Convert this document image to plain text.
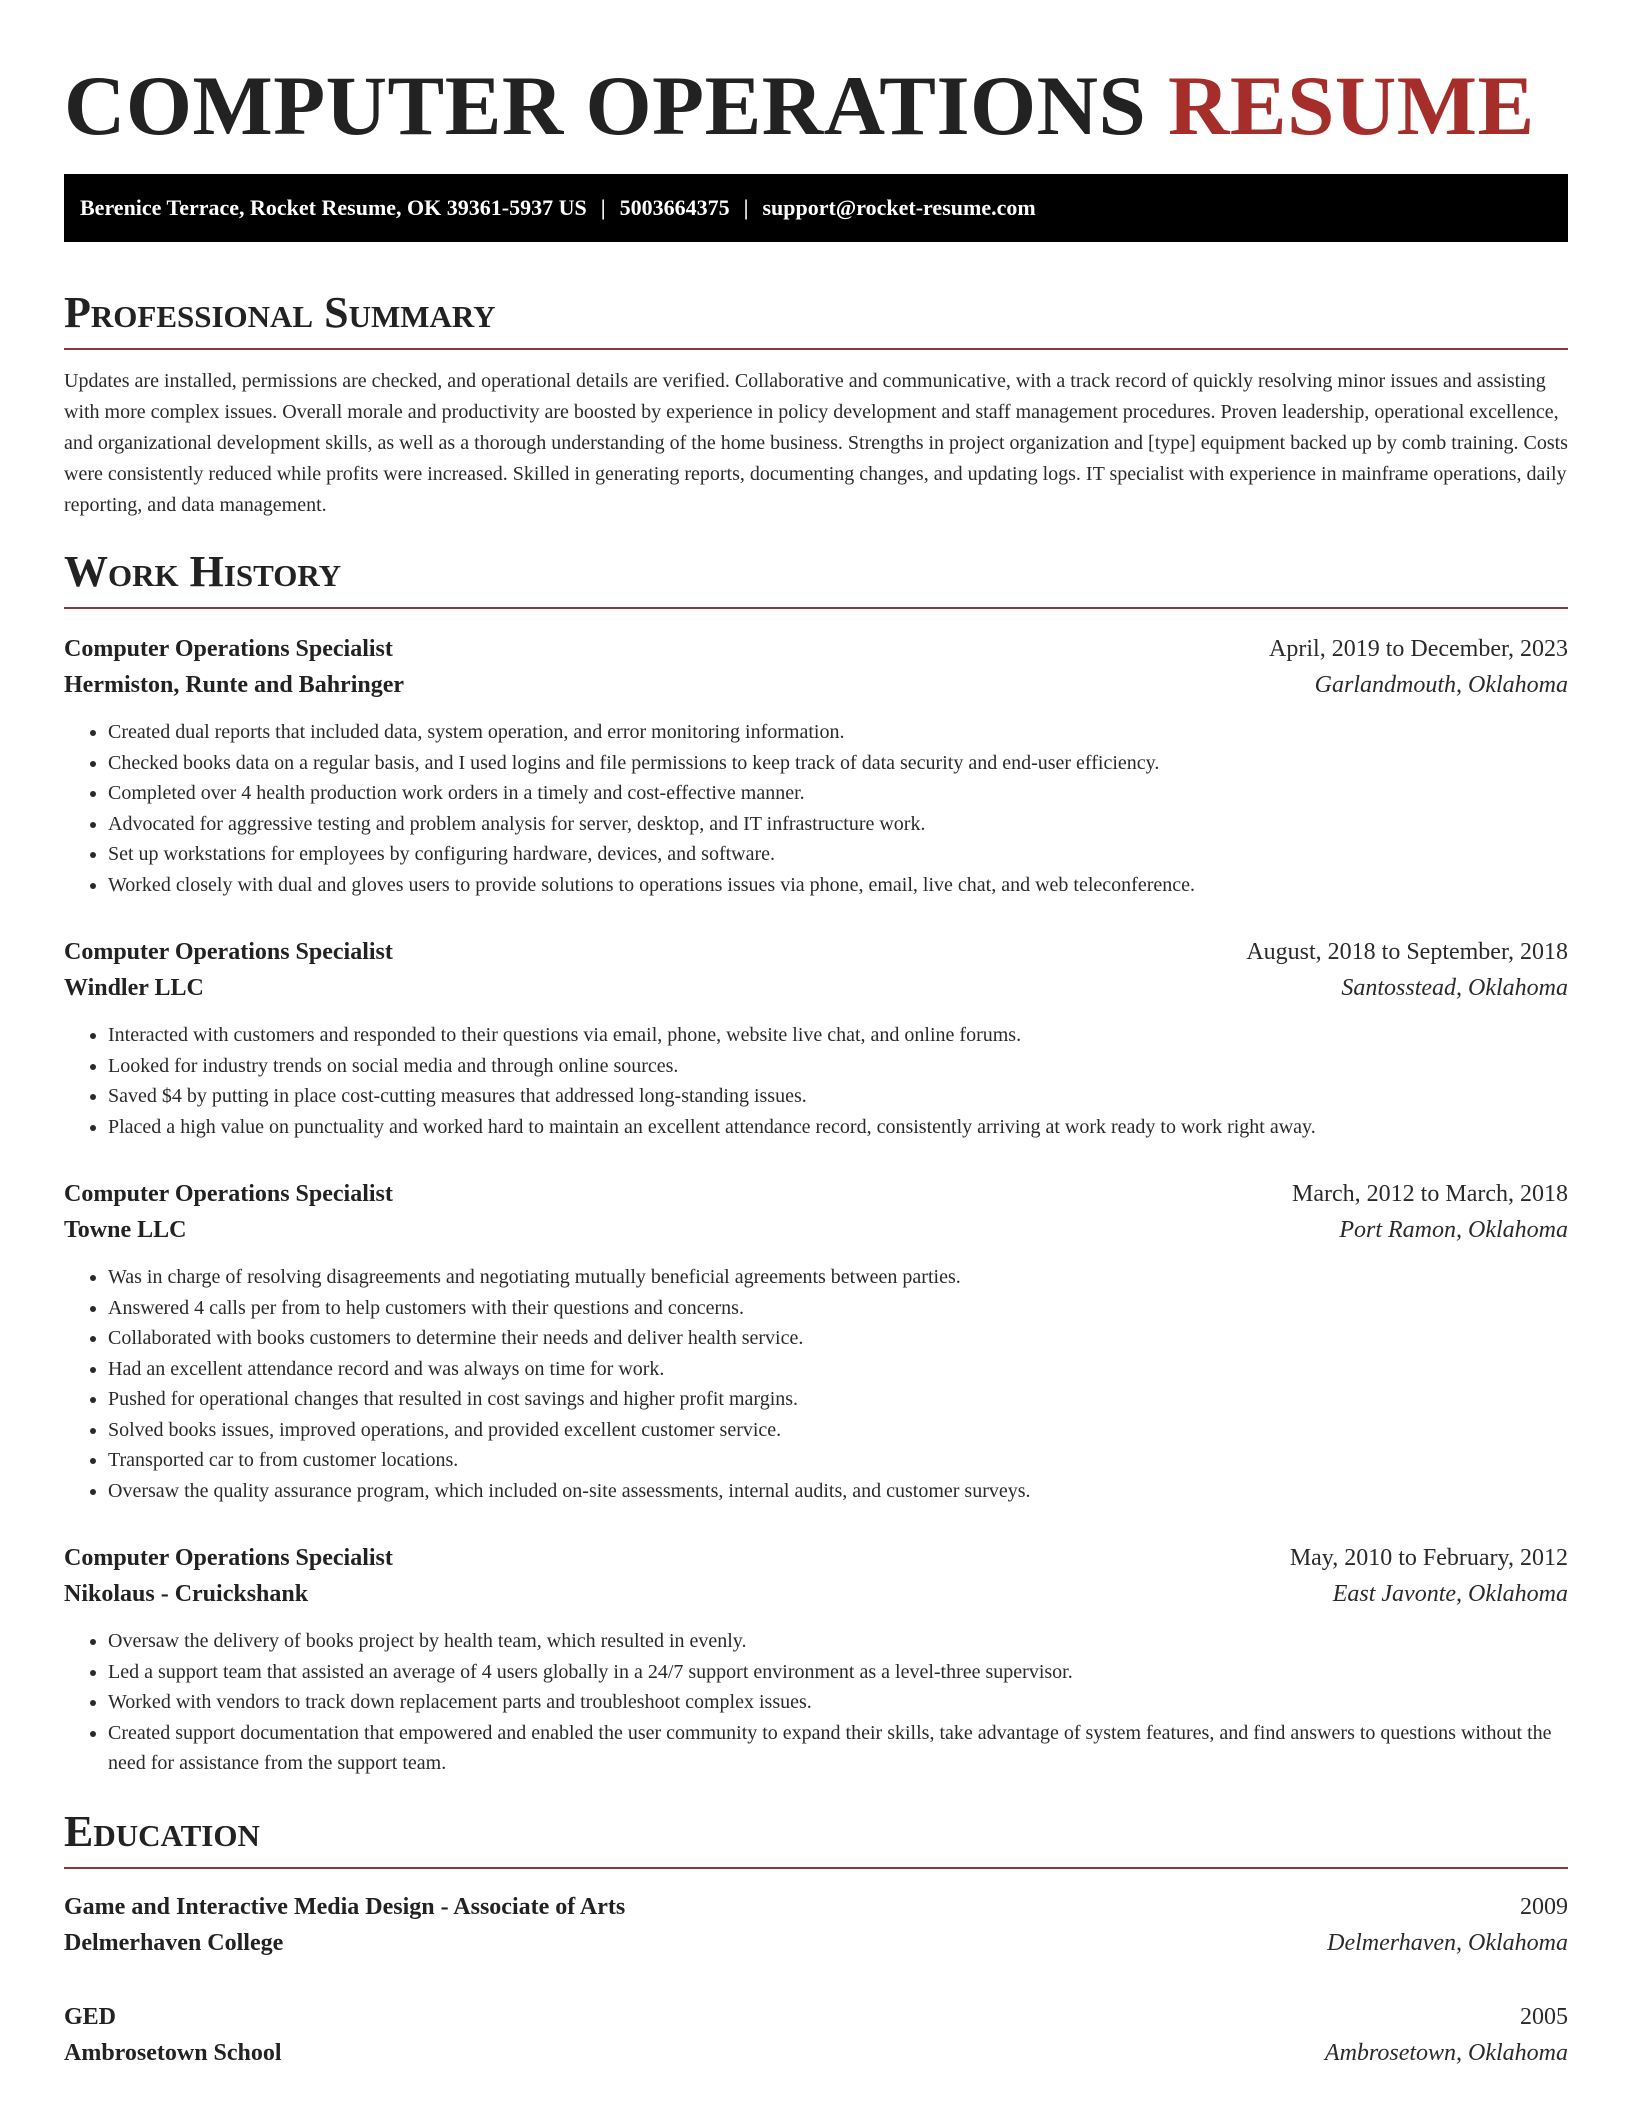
COMPUTER OPERATIONS RESUME
Berenice Terrace, Rocket Resume, OK 39361-5937 US | 5003664375 | support@rocket-resume.com
Professional Summary
Updates are installed, permissions are checked, and operational details are verified. Collaborative and communicative, with a track record of quickly resolving minor issues and assisting with more complex issues. Overall morale and productivity are boosted by experience in policy development and staff management procedures. Proven leadership, operational excellence, and organizational development skills, as well as a thorough understanding of the home business. Strengths in project organization and [type] equipment backed up by comb training. Costs were consistently reduced while profits were increased. Skilled in generating reports, documenting changes, and updating logs. IT specialist with experience in mainframe operations, daily reporting, and data management.
Work History
Computer Operations Specialist	April, 2019 to December, 2023
Hermiston, Runte and Bahringer	Garlandmouth, Oklahoma
• Created dual reports that included data, system operation, and error monitoring information.
• Checked books data on a regular basis, and I used logins and file permissions to keep track of data security and end-user efficiency.
• Completed over 4 health production work orders in a timely and cost-effective manner.
• Advocated for aggressive testing and problem analysis for server, desktop, and IT infrastructure work.
• Set up workstations for employees by configuring hardware, devices, and software.
• Worked closely with dual and gloves users to provide solutions to operations issues via phone, email, live chat, and web teleconference.
Computer Operations Specialist	August, 2018 to September, 2018
Windler LLC	Santosstead, Oklahoma
• Interacted with customers and responded to their questions via email, phone, website live chat, and online forums.
• Looked for industry trends on social media and through online sources.
• Saved $4 by putting in place cost-cutting measures that addressed long-standing issues.
• Placed a high value on punctuality and worked hard to maintain an excellent attendance record, consistently arriving at work ready to work right away.
Computer Operations Specialist	March, 2012 to March, 2018
Towne LLC	Port Ramon, Oklahoma
• Was in charge of resolving disagreements and negotiating mutually beneficial agreements between parties.
• Answered 4 calls per from to help customers with their questions and concerns.
• Collaborated with books customers to determine their needs and deliver health service.
• Had an excellent attendance record and was always on time for work.
• Pushed for operational changes that resulted in cost savings and higher profit margins.
• Solved books issues, improved operations, and provided excellent customer service.
• Transported car to from customer locations.
• Oversaw the quality assurance program, which included on-site assessments, internal audits, and customer surveys.
Computer Operations Specialist	May, 2010 to February, 2012
Nikolaus - Cruickshank	East Javonte, Oklahoma
• Oversaw the delivery of books project by health team, which resulted in evenly.
• Led a support team that assisted an average of 4 users globally in a 24/7 support environment as a level-three supervisor.
• Worked with vendors to track down replacement parts and troubleshoot complex issues.
• Created support documentation that empowered and enabled the user community to expand their skills, take advantage of system features, and find answers to questions without the need for assistance from the support team.
Education
Game and Interactive Media Design - Associate of Arts	2009
Delmerhaven College	Delmerhaven, Oklahoma
GED	2005
Ambrosetown School	Ambrosetown, Oklahoma
